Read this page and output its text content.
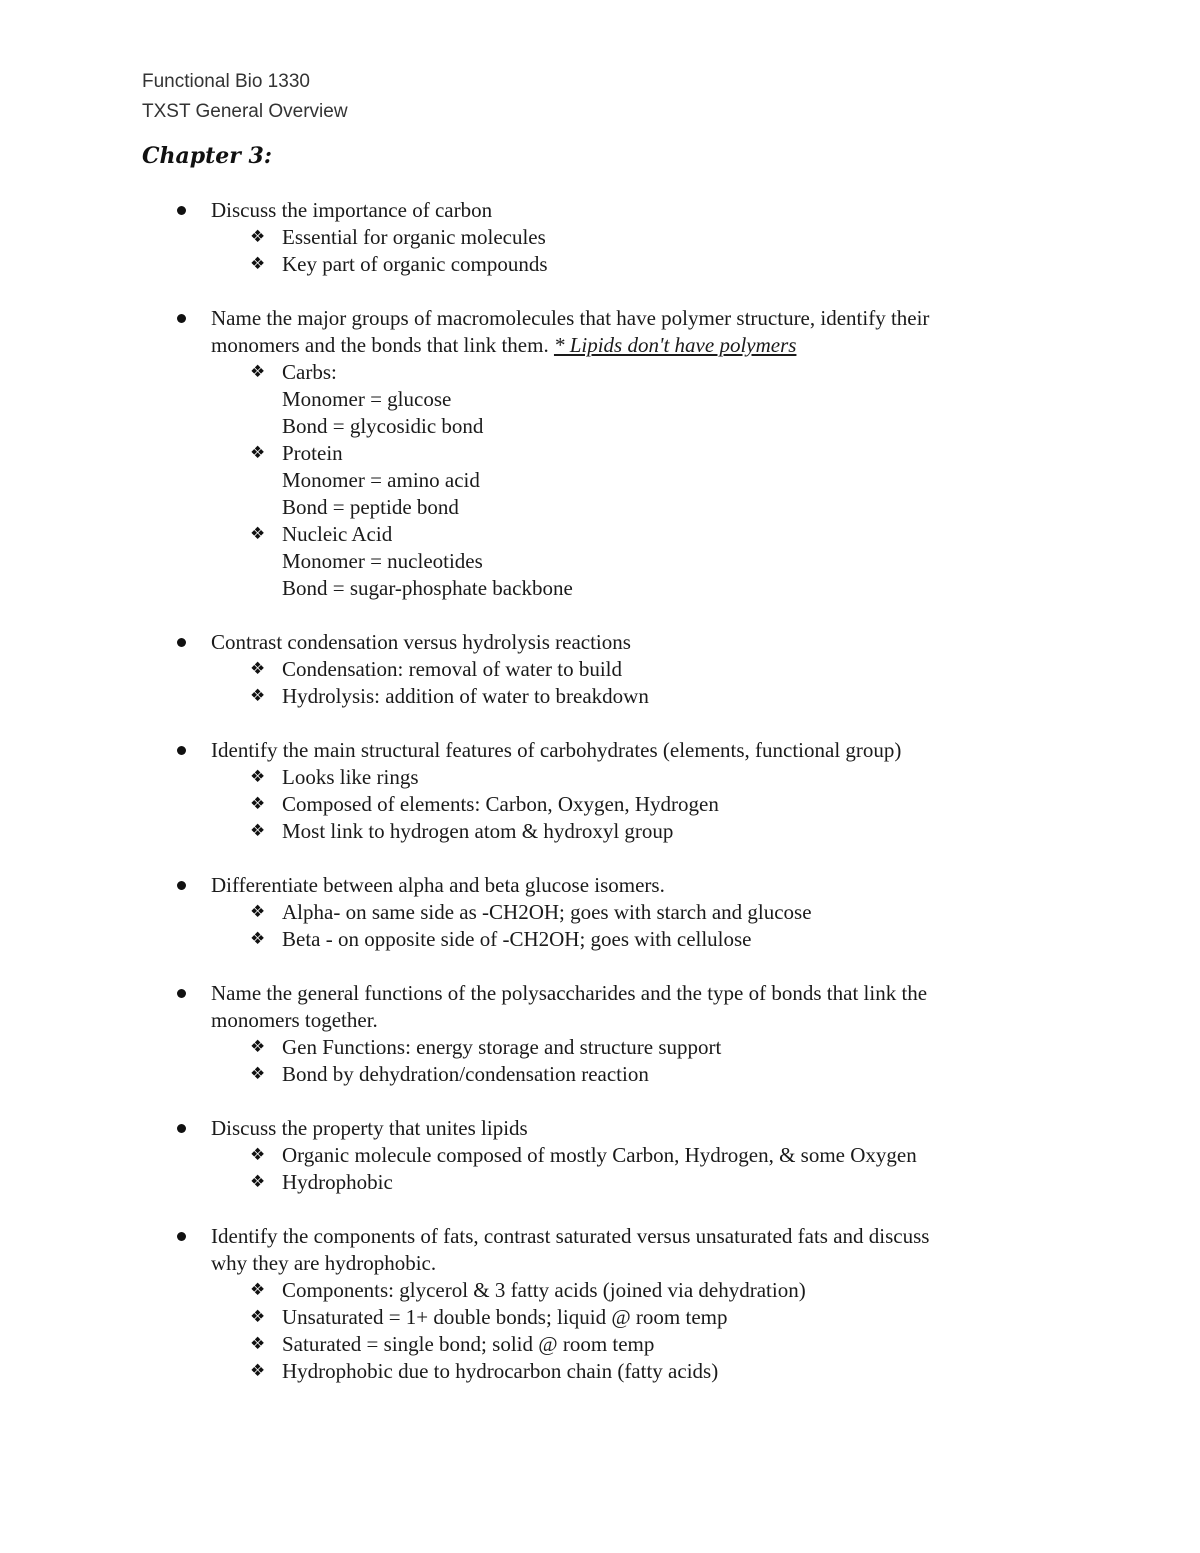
Functional Bio 1330
TXST General Overview
Chapter 3:
Discuss the importance of carbon
❖ Essential for organic molecules
❖ Key part of organic compounds
Name the major groups of macromolecules that have polymer structure, identify their
monomers and the bonds that link them. * Lipids don't have polymers
❖ Carbs:
Monomer = glucose
Bond = glycosidic bond
❖ Protein
Monomer = amino acid
Bond = peptide bond
❖ Nucleic Acid
Monomer = nucleotides
Bond = sugar-phosphate backbone
Contrast condensation versus hydrolysis reactions
❖ Condensation: removal of water to build
❖ Hydrolysis: addition of water to breakdown
Identify the main structural features of carbohydrates (elements, functional group)
❖ Looks like rings
❖ Composed of elements: Carbon, Oxygen, Hydrogen
❖ Most link to hydrogen atom & hydroxyl group
Differentiate between alpha and beta glucose isomers.
❖ Alpha- on same side as -CH2OH; goes with starch and glucose
❖ Beta - on opposite side of -CH2OH; goes with cellulose
Name the general functions of the polysaccharides and the type of bonds that link the
monomers together.
❖ Gen Functions: energy storage and structure support
❖ Bond by dehydration/condensation reaction
Discuss the property that unites lipids
❖ Organic molecule composed of mostly Carbon, Hydrogen, & some Oxygen
❖ Hydrophobic
Identify the components of fats, contrast saturated versus unsaturated fats and discuss
why they are hydrophobic.
❖ Components: glycerol & 3 fatty acids (joined via dehydration)
❖ Unsaturated = 1+ double bonds; liquid @ room temp
❖ Saturated = single bond; solid @ room temp
❖ Hydrophobic due to hydrocarbon chain (fatty acids)
